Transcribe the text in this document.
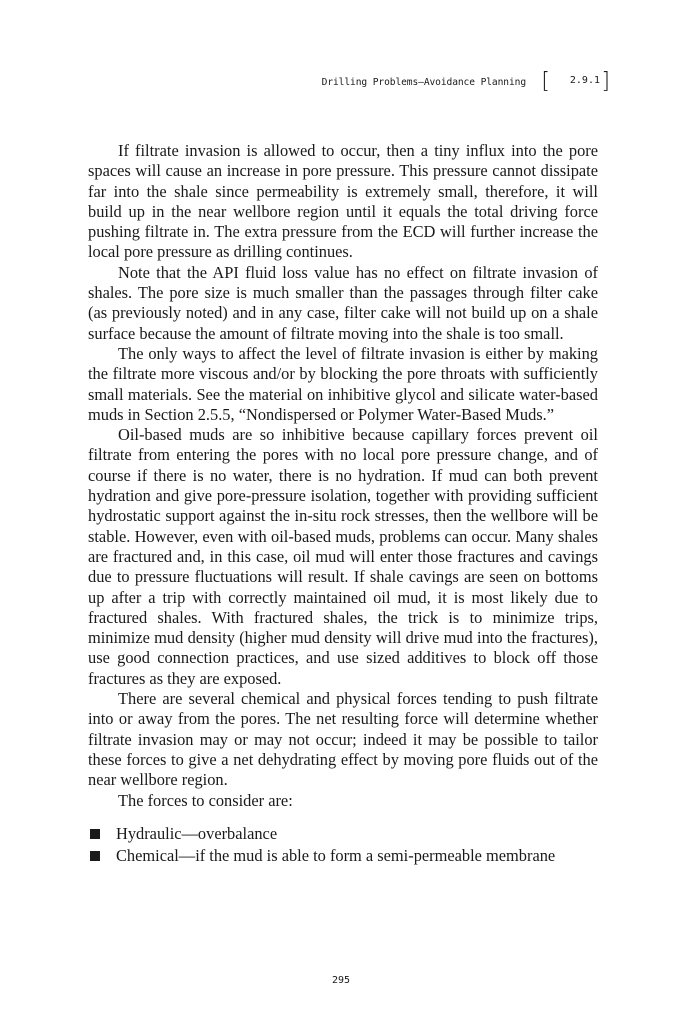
Drilling Problems—Avoidance Planning [ 2.9.1 ]

If filtrate invasion is allowed to occur, then a tiny influx into the pore spaces will cause an increase in pore pressure. This pressure cannot dissipate far into the shale since permeability is extremely small, therefore, it will build up in the near wellbore region until it equals the total driving force pushing filtrate in. The extra pressure from the ECD will further increase the local pore pressure as drilling continues.

Note that the API fluid loss value has no effect on filtrate invasion of shales. The pore size is much smaller than the passages through filter cake (as previously noted) and in any case, filter cake will not build up on a shale surface because the amount of filtrate moving into the shale is too small.

The only ways to affect the level of filtrate invasion is either by making the filtrate more viscous and/or by blocking the pore throats with sufficiently small materials. See the material on inhibitive glycol and silicate water-based muds in Section 2.5.5, “Nondispersed or Polymer Water-Based Muds.”

Oil-based muds are so inhibitive because capillary forces prevent oil filtrate from entering the pores with no local pore pressure change, and of course if there is no water, there is no hydration. If mud can both prevent hydration and give pore-pressure isolation, together with providing sufficient hydrostatic support against the in-situ rock stresses, then the wellbore will be stable. However, even with oil-based muds, problems can occur. Many shales are fractured and, in this case, oil mud will enter those fractures and cavings due to pressure fluctuations will result. If shale cavings are seen on bottoms up after a trip with correctly maintained oil mud, it is most likely due to fractured shales. With fractured shales, the trick is to minimize trips, minimize mud density (higher mud density will drive mud into the fractures), use good connection practices, and use sized additives to block off those fractures as they are exposed.

There are several chemical and physical forces tending to push filtrate into or away from the pores. The net resulting force will determine whether filtrate invasion may or may not occur; indeed it may be possible to tailor these forces to give a net dehydrating effect by moving pore fluids out of the near wellbore region.

The forces to consider are:

Hydraulic—overbalance
Chemical—if the mud is able to form a semi-permeable membrane
295
